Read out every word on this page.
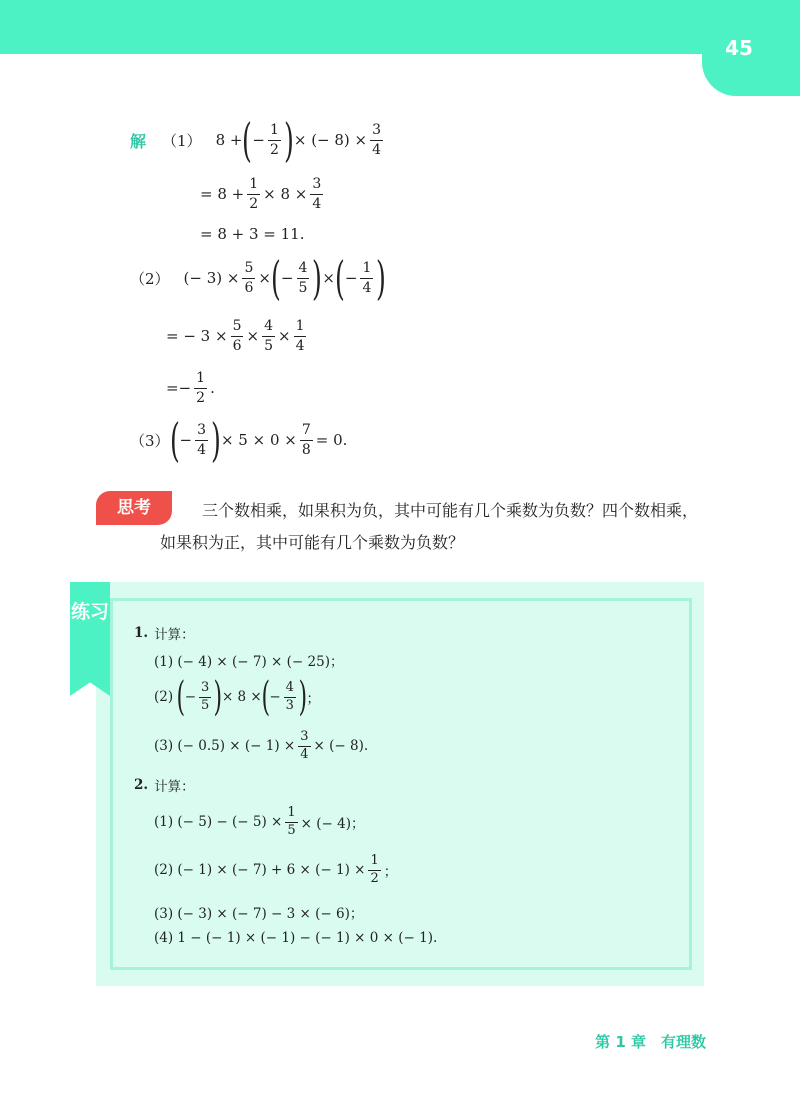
45
解 （1） 8 + ( − $\frac{1}{2}$ ) × (− $8) \times \frac{3}{4}$
= $8 + \frac{1}{2} \times 8 \times \frac{3}{4}$
= 8 + 3 = 11.
（2） (− $3) \times \frac{5}{6}$ × ( − $\frac{4}{5}$ ) × ( − $\frac{1}{4}$ )
= − $3 \times \frac{5}{6} \times \frac{4}{5} \times \frac{1}{4}$
=− $\frac{1}{2}$ .
（3） ( − $\frac{3}{4}$ ) × $5 \times 0 \times \frac{7}{8} = 0$.
思考	三个数相乘，如果积为负，其中可能有几个乘数为负数？四个数相乘，如果积为正，其中可能有几个乘数为负数？
练习
1. 计算：
(1) (− 4) × (− 7) × (− 25)；
(2) ( − $\frac{3}{5}$ ) × 8 × ( − $\frac{4}{3}$ ) ；
(3) (− 0.5) × (− $1) \times \frac{3}{4}$ × (− 8).
2. 计算：
(1) (− 5) − (− $5) \times \frac{1}{5}$ × (− 4)；
(2) (− 1) × (− 7) + 6 × (− $1) \times \frac{1}{2}$ ；
(3) (− 3) × (− 7) − 3 × (− 6)；
(4) 1 − (− 1) × (− 1) − (− 1) × 0 × (− 1).
第 1 章　有理数
